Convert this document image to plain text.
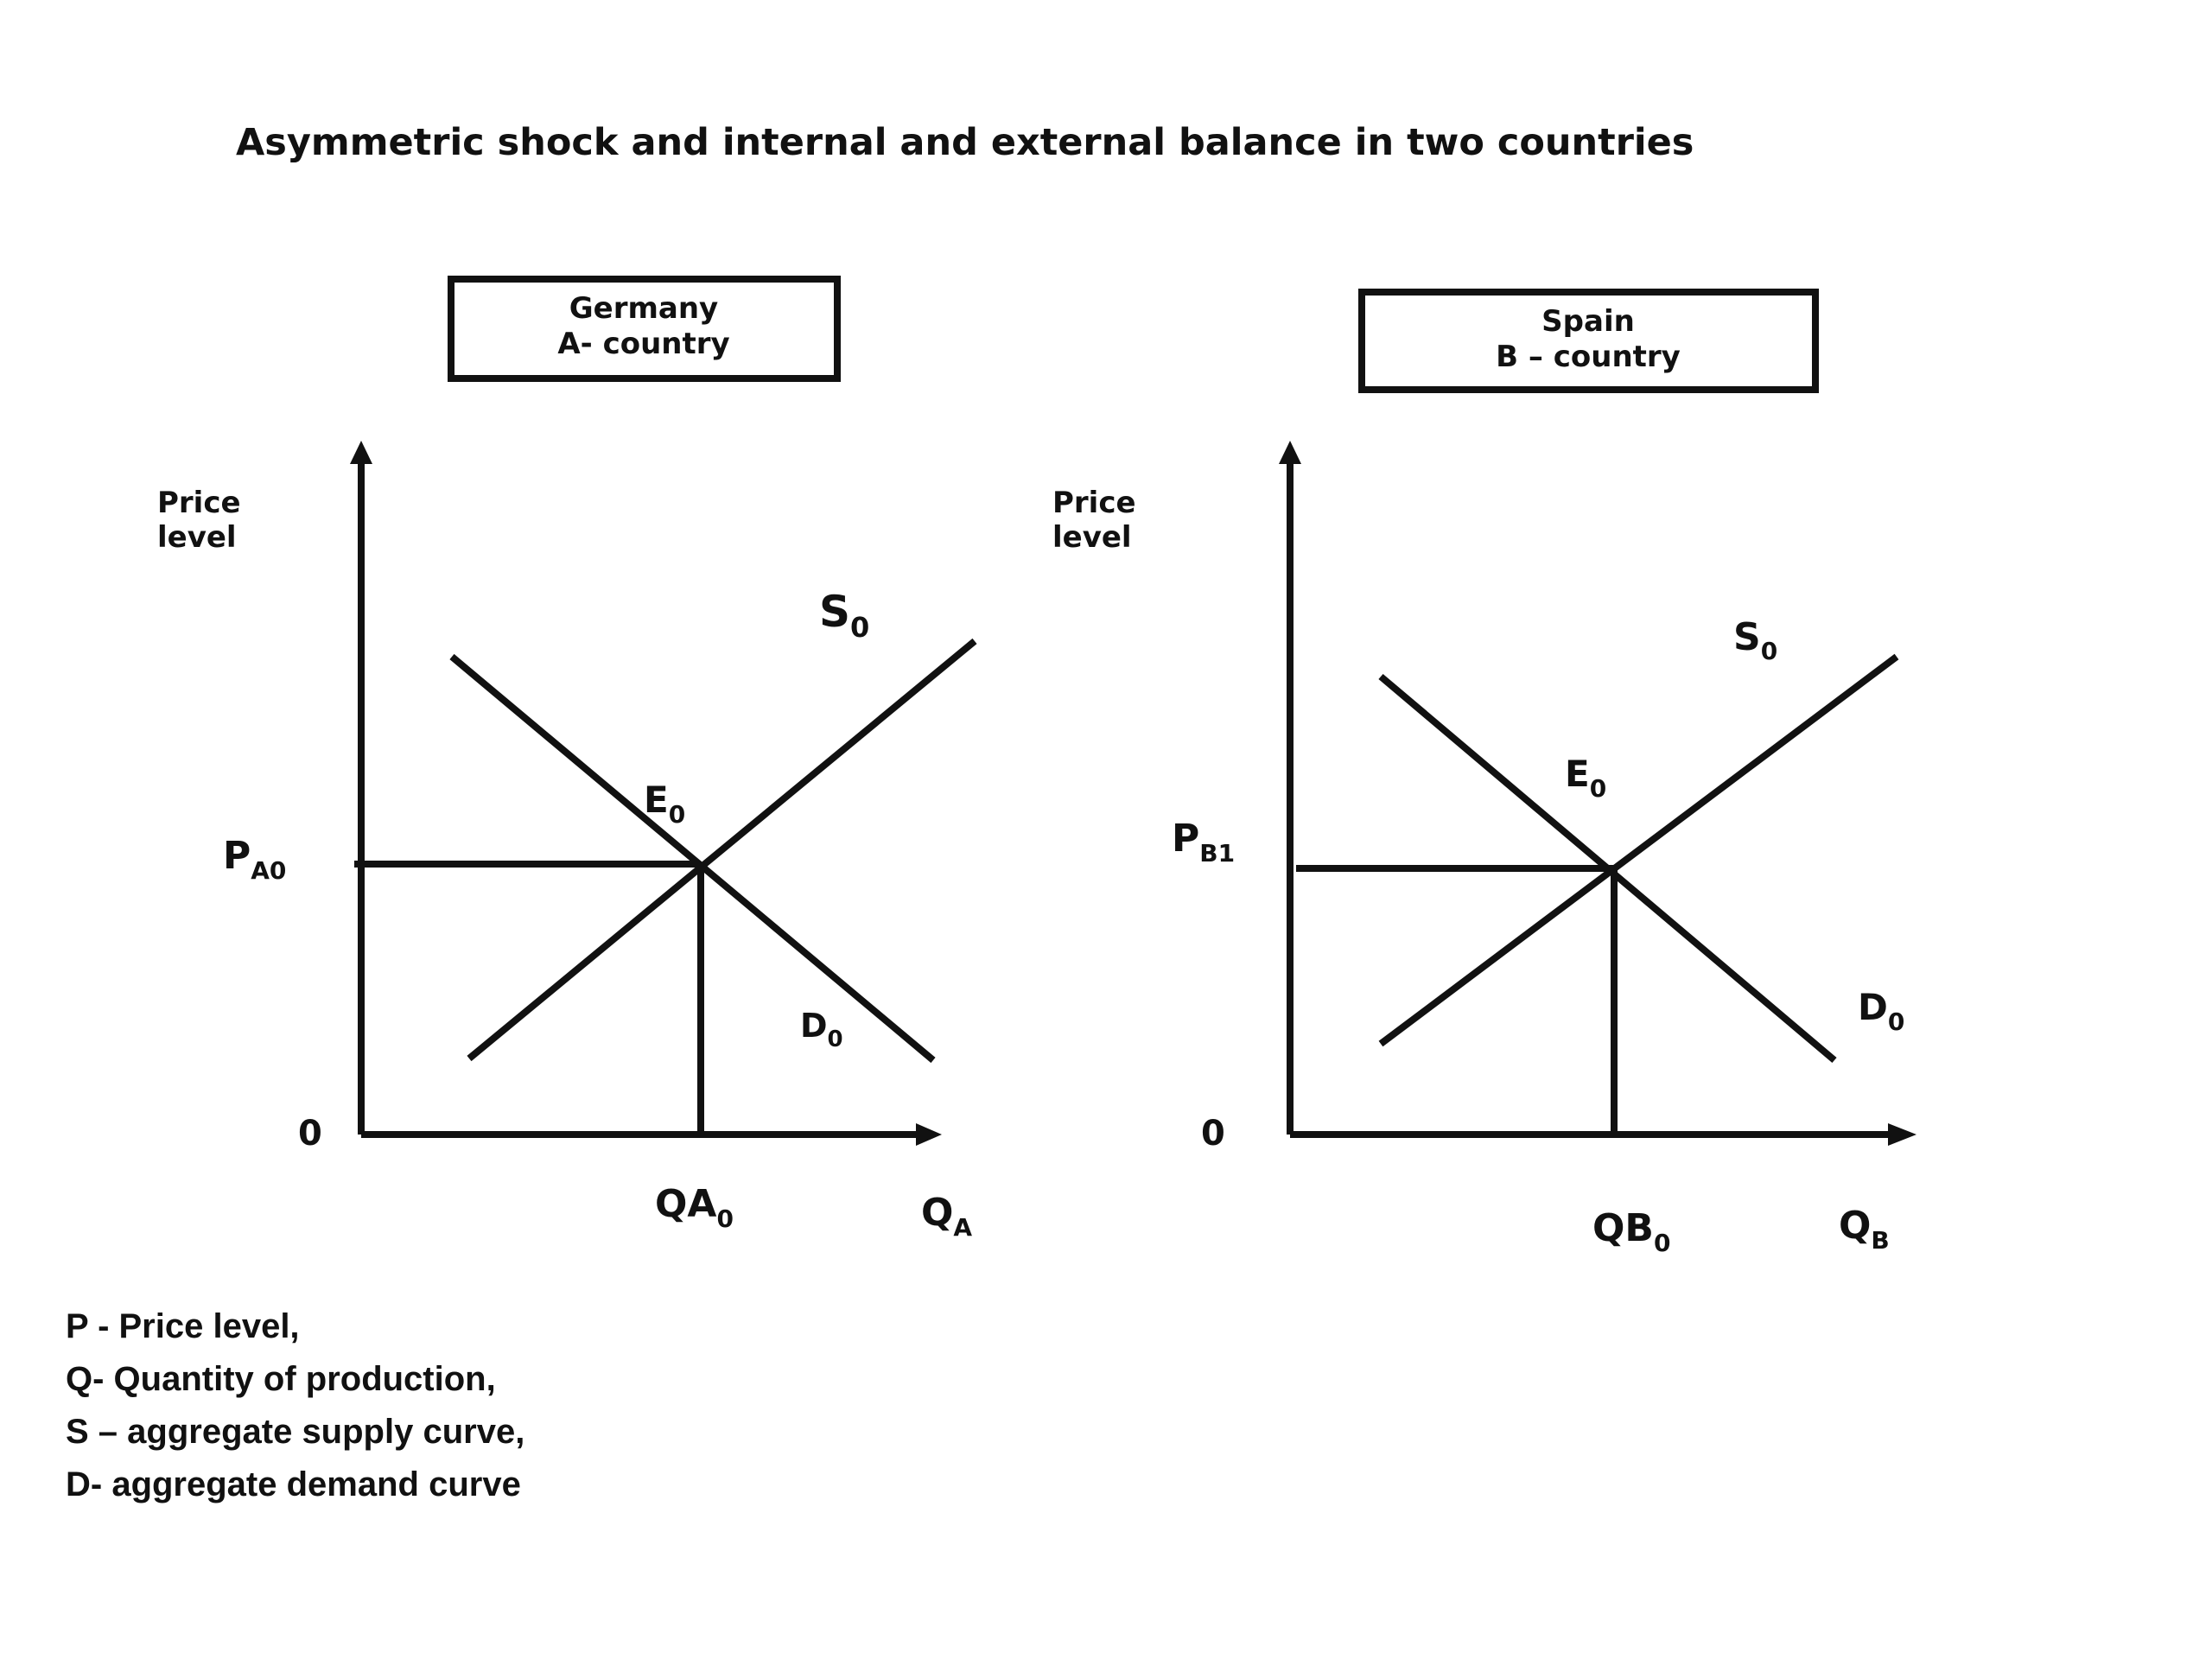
Asymmetric shock and internal and external balance in two countries
Germany
A- country
Price
level
0
$S_0$
$E_0$
$D_0$
$P_{A0}$
$QA_0$	$Q_A$
Spain
B – country
Price
level
0
$S_0$
$E_0$
$D_0$
$P_{B1}$
$QB_0$	$Q_B$
P - Price level,
Q- Quantity of production,
S – aggregate supply curve,
D- aggregate demand curve
